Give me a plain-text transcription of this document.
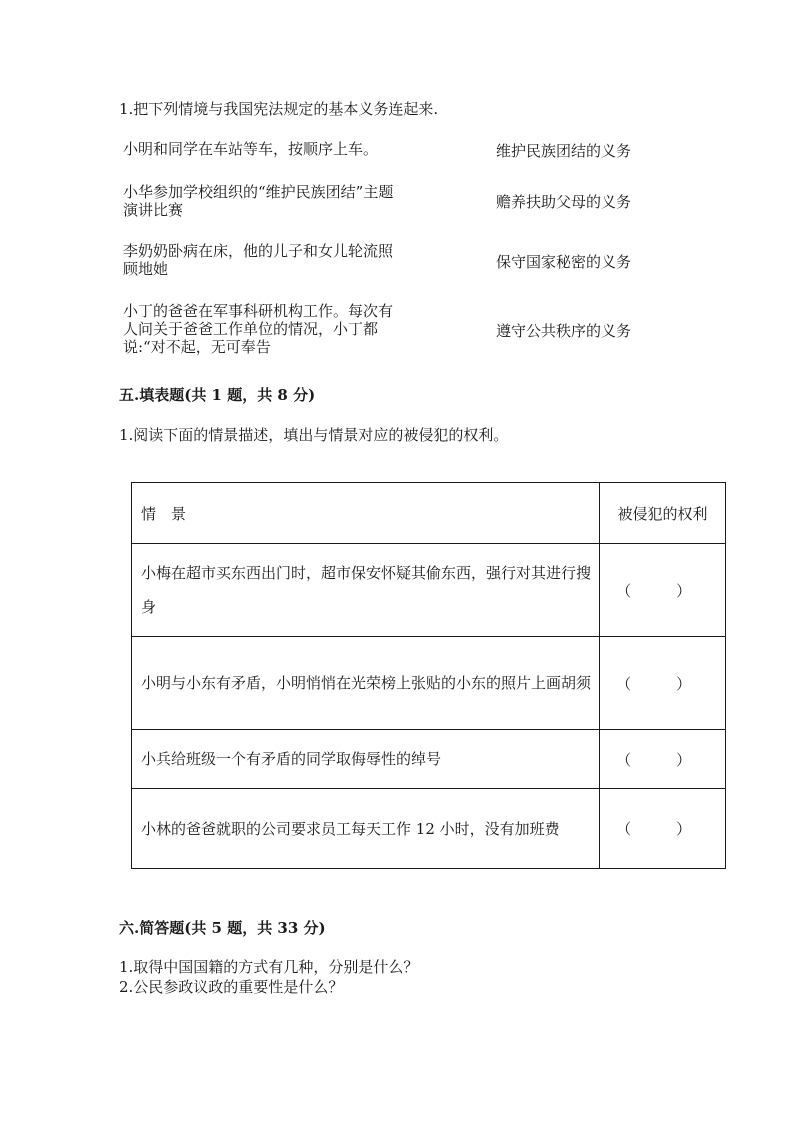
1.把下列情境与我国宪法规定的基本义务连起来.
小明和同学在车站等车，按顺序上车。
小华参加学校组织的“维护民族团结”主题演讲比赛
李奶奶卧病在床，他的儿子和女儿轮流照顾地她
小丁的爸爸在军事科研机构工作。每次有人问关于爸爸工作单位的情况，小丁都说:“对不起，无可奉告
维护民族团结的义务
赡养扶助父母的义务
保守国家秘密的义务
遵守公共秩序的义务
五.填表题(共 1 题，共 8 分)
1.阅读下面的情景描述，填出与情景对应的被侵犯的权利。
情　景	被侵犯的权利
小梅在超市买东西出门时，超市保安怀疑其偷东西，强行对其进行搜身	（　　　）
小明与小东有矛盾，小明悄悄在光荣榜上张贴的小东的照片上画胡须	（　　　）
小兵给班级一个有矛盾的同学取侮辱性的绰号	（　　　）
小林的爸爸就职的公司要求员工每天工作 12 小时，没有加班费	（　　　）
六.简答题(共 5 题，共 33 分)
1.取得中国国籍的方式有几种，分别是什么？
2.公民参政议政的重要性是什么？
